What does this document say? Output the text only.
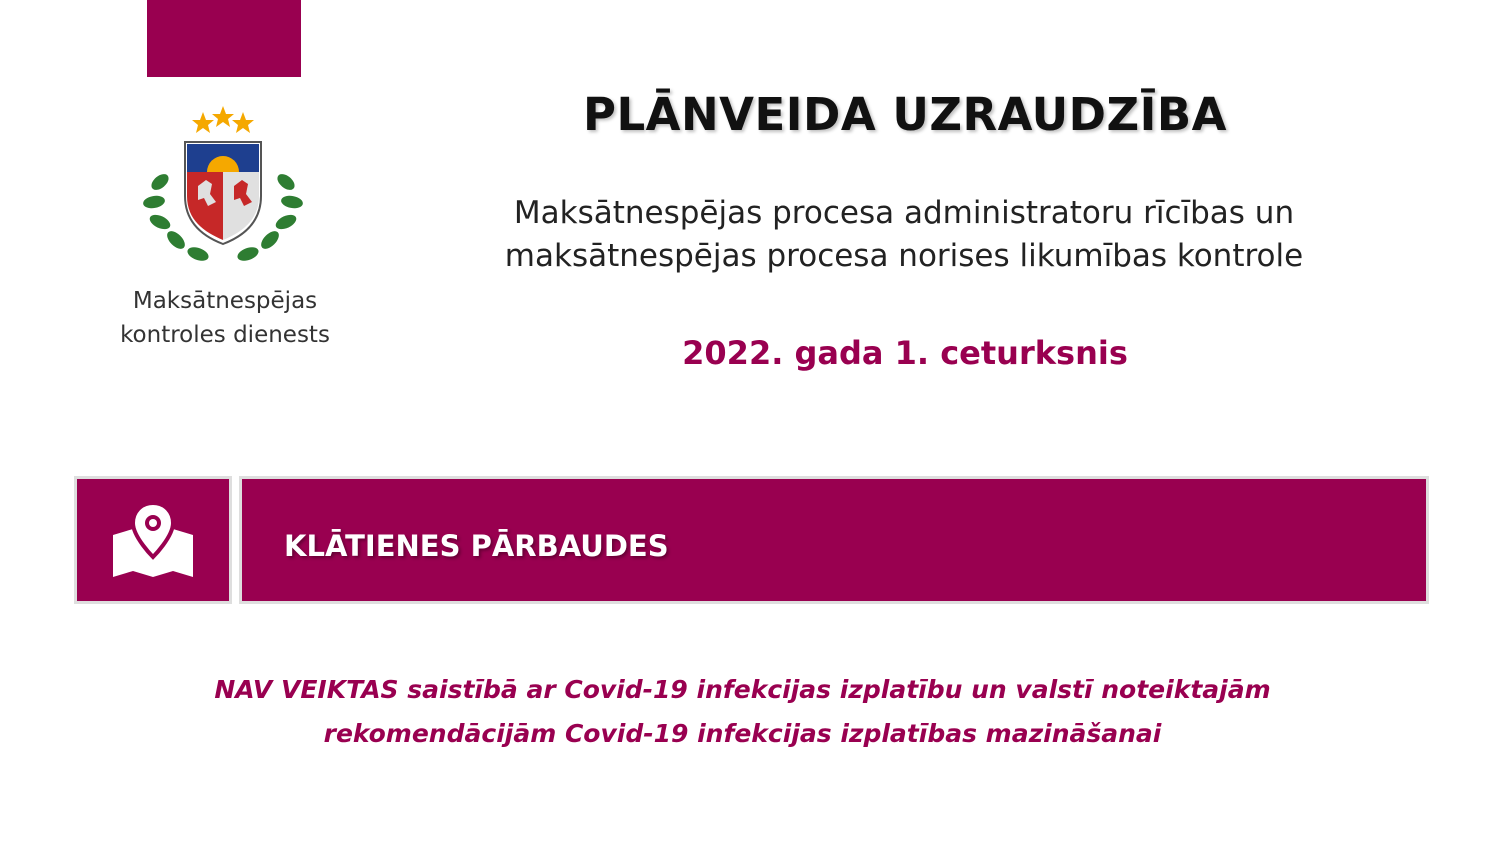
Maksātnespējas
kontroles dienests
PLĀNVEIDA UZRAUDZĪBA
Maksātnespējas procesa administratoru rīcības un
maksātnespējas procesa norises likumības kontrole
2022. gada 1. ceturksnis
KLĀTIENES PĀRBAUDES
NAV VEIKTAS saistībā ar Covid-19 infekcijas izplatību un valstī noteiktajām
rekomendācijām Covid-19 infekcijas izplatības mazināšanai
